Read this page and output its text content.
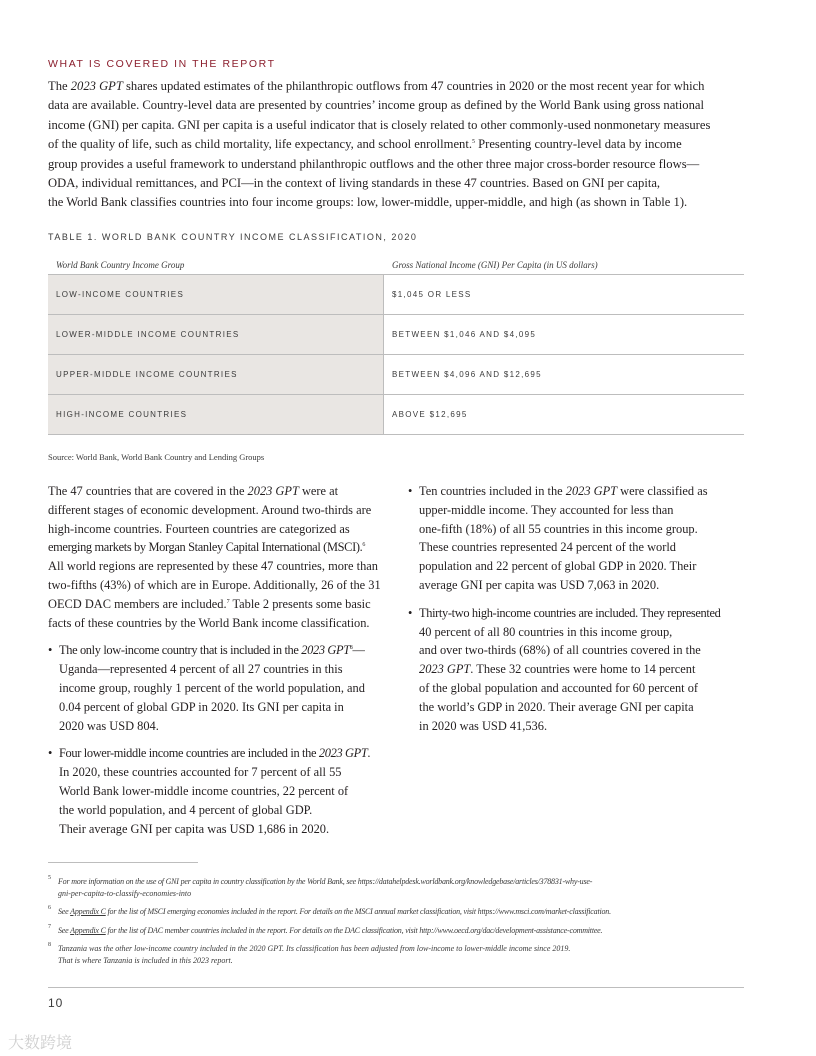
WHAT IS COVERED IN THE REPORT
The 2023 GPT shares updated estimates of the philanthropic outflows from 47 countries in 2020 or the most recent year for which
data are available. Country-level data are presented by countries’ income group as defined by the World Bank using gross national
income (GNI) per capita. GNI per capita is a useful indicator that is closely related to other commonly-used nonmonetary measures
of the quality of life, such as child mortality, life expectancy, and school enrollment.$^5$ Presenting country-level data by income
group provides a useful framework to understand philanthropic outflows and the other three major cross-border resource flows—
ODA, individual remittances, and PCI—in the context of living standards in these 47 countries. Based on GNI per capita,
the World Bank classifies countries into four income groups: low, lower-middle, upper-middle, and high (as shown in Table 1).
TABLE 1. WORLD BANK COUNTRY INCOME CLASSIFICATION, 2020
World Bank Country Income Group	Gross National Income (GNI) Per Capita (in US dollars)
LOW-INCOME COUNTRIES	$1,045 OR LESS
LOWER-MIDDLE INCOME COUNTRIES	BETWEEN $1,046 AND $4,095
UPPER-MIDDLE INCOME COUNTRIES	BETWEEN $4,096 AND $12,695
HIGH-INCOME COUNTRIES	ABOVE $12,695
Source: World Bank, World Bank Country and Lending Groups
The 47 countries that are covered in the 2023 GPT were at
different stages of economic development. Around two-thirds are
high-income countries. Fourteen countries are categorized as
emerging markets by Morgan Stanley Capital International (MSCI).$^6$
All world regions are represented by these 47 countries, more than
two-fifths (43%) of which are in Europe. Additionally, 26 of the 31
OECD DAC members are included.$^7$ Table 2 presents some basic
facts of these countries by the World Bank income classification.
• The only low-income country that is included in the 2023 GPT$^8$—
Uganda—represented 4 percent of all 27 countries in this
income group, roughly 1 percent of the world population, and
0.04 percent of global GDP in 2020. Its GNI per capita in
2020 was USD 804.
• Four lower-middle income countries are included in the 2023 GPT.
In 2020, these countries accounted for 7 percent of all 55
World Bank lower-middle income countries, 22 percent of
the world population, and 4 percent of global GDP.
Their average GNI per capita was USD 1,686 in 2020.
• Ten countries included in the 2023 GPT were classified as
upper-middle income. They accounted for less than
one-fifth (18%) of all 55 countries in this income group.
These countries represented 24 percent of the world
population and 22 percent of global GDP in 2020. Their
average GNI per capita was USD 7,063 in 2020.
• Thirty-two high-income countries are included. They represented
40 percent of all 80 countries in this income group,
and over two-thirds (68%) of all countries covered in the
2023 GPT. These 32 countries were home to 14 percent
of the global population and accounted for 60 percent of
the world’s GDP in 2020. Their average GNI per capita
in 2020 was USD 41,536.
5 For more information on the use of GNI per capita in country classification by the World Bank, see https://datahelpdesk.worldbank.org/knowledgebase/articles/378831-why-use-
gni-per-capita-to-classify-economies-into
6 See Appendix C for the list of MSCI emerging economies included in the report. For details on the MSCI annual market classification, visit https://www.msci.com/market-classification.
7 See Appendix C for the list of DAC member countries included in the report. For details on the DAC classification, visit http://www.oecd.org/dac/development-assistance-committee.
8 Tanzania was the other low-income country included in the 2020 GPT. Its classification has been adjusted from low-income to lower-middle income since 2019.
That is where Tanzania is included in this 2023 report.
10
大数跨境
